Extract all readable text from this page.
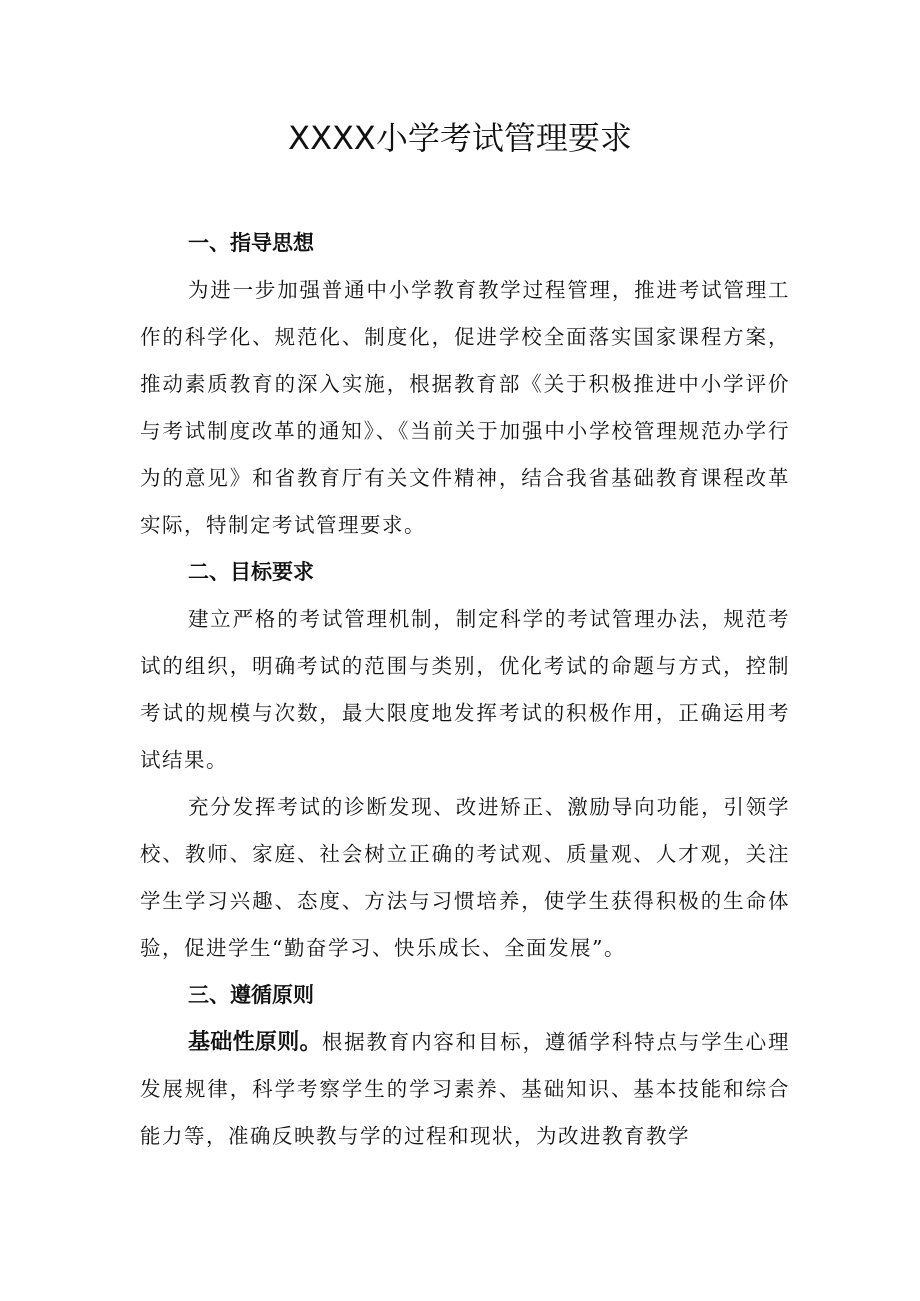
XXXX小学考试管理要求
一、指导思想

为进一步加强普通中小学教育教学过程管理，推进考试管理工作的科学化、规范化、制度化，促进学校全面落实国家课程方案，推动素质教育的深入实施，根据教育部《关于积极推进中小学评价与考试制度改革的通知》、《当前关于加强中小学校管理规范办学行为的意见》和省教育厅有关文件精神，结合我省基础教育课程改革实际，特制定考试管理要求。

二、目标要求

建立严格的考试管理机制，制定科学的考试管理办法，规范考试的组织，明确考试的范围与类别，优化考试的命题与方式，控制考试的规模与次数，最大限度地发挥考试的积极作用，正确运用考试结果。

充分发挥考试的诊断发现、改进矫正、激励导向功能，引领学校、教师、家庭、社会树立正确的考试观、质量观、人才观，关注学生学习兴趣、态度、方法与习惯培养，使学生获得积极的生命体验，促进学生“勤奋学习、快乐成长、全面发展”。

三、遵循原则

基础性原则。根据教育内容和目标，遵循学科特点与学生心理发展规律，科学考察学生的学习素养、基础知识、基本技能和综合能力等，准确反映教与学的过程和现状，为改进教育教学
